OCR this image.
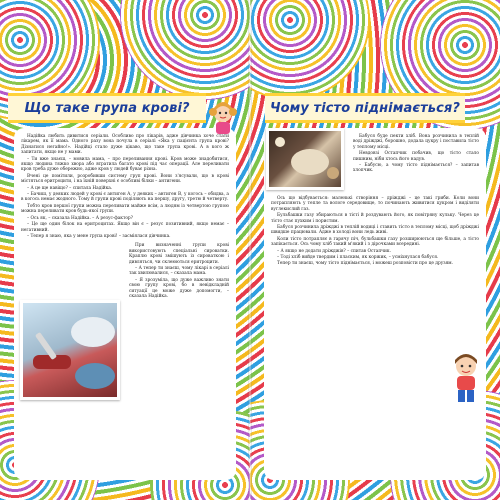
Що таке група крові?	Чому тісто піднімається?

Надійка любить дивитися серіали. Особливо про лікарів, адже дівчинка хоче стати лікарем, як її мама. Одного разу вона почула в серіалі «Яка у пацієнта група крові? Дізнатися негайно!». Надійці стало дуже цікаво, що таке група крові. А в кого ж запитати, якщо не у мами.

– Ти вже знаєш, – мовила мама, – про переливання крові. Кров може знадобитися, якщо людина тяжко хвора або втратила багато крові під час операції. Але переливати кров треба дуже обережно, адже кров у людей буває різна.

Вчені це помітили, розробивши систему груп крові. Вони з'ясували, що в крові містяться еритроцити, і на їхній поверхні є особливі білки – антигени.

– А це ще навіщо? – спитала Надійка.

– Бачиш, у деяких людей у крові є антиген А, у деяких – антиген В, у когось – обидва, а в когось немає жодного. Тому й групи крові поділяють на першу, другу, третю й четверту.

Тобто кров першої групи можна переливати майже всім, а людям із четвертою групою можна переливати кров будь-якої групи.

– Ось як, – сказала Надійка. – А резус-фактор?

– Це ще один білок на еритроцитах. Якщо він є – резус позитивний, якщо немає – негативний.

– Тепер я знаю, яка у мене група крові! – засміялася дівчинка.

При визначенні групи крові використовують спеціальні сироватки. Краплю крові змішують із сироваткою і дивляться, чи склеюються еритроцити.

– А тепер ти знаєш, чому лікарі в серіалі так хвилювалися, – сказала мама.

– Я зрозуміла, що дуже важливо знати свою групу крові, бо в невідкладній ситуації це може дуже допомогти, – сказала Надійка.

Бабуся буде пекти хліб. Вона розчинила в теплій воді дріжджі, борошно, додала цукру і поставила тісто у теплому місці.

Невдовзі Остапчик побачив, що тісто стало пишним, ніби хтось його надув.

– Бабусю, а чому тісто піднімається? – запитав хлопчик.

Ось що відбувається: маленькі створіння – дріжджі – це такі гриби. Коли вони потрапляють у тепле та вологе середовище, то починають живитися цукром і виділяти вуглекислий газ.

Бульбашки газу збираються в тісті й роздувають його, як повітряну кульку. Через це тісто стає пухким і пористим.

Бабуся розчинила дріжджі в теплій водиці і ставить тісто в теплому місці, щоб дріжджі швидше працювали. Адже в холоді вони ледь живі.

Коли тісто потрапляє в гарячу піч, бульбашки газу розширюються ще більше, а тісто запікається. Ось чому хліб такий м'який і з дірочками всередині.

– А якщо не додати дріжджів? – спитав Остапчик.

– Тоді хліб вийде твердим і пласким, як коржик, – усміхнулася бабуся.

Тепер ти знаєш, чому тісто піднімається, і можеш розповісти про це друзям.
